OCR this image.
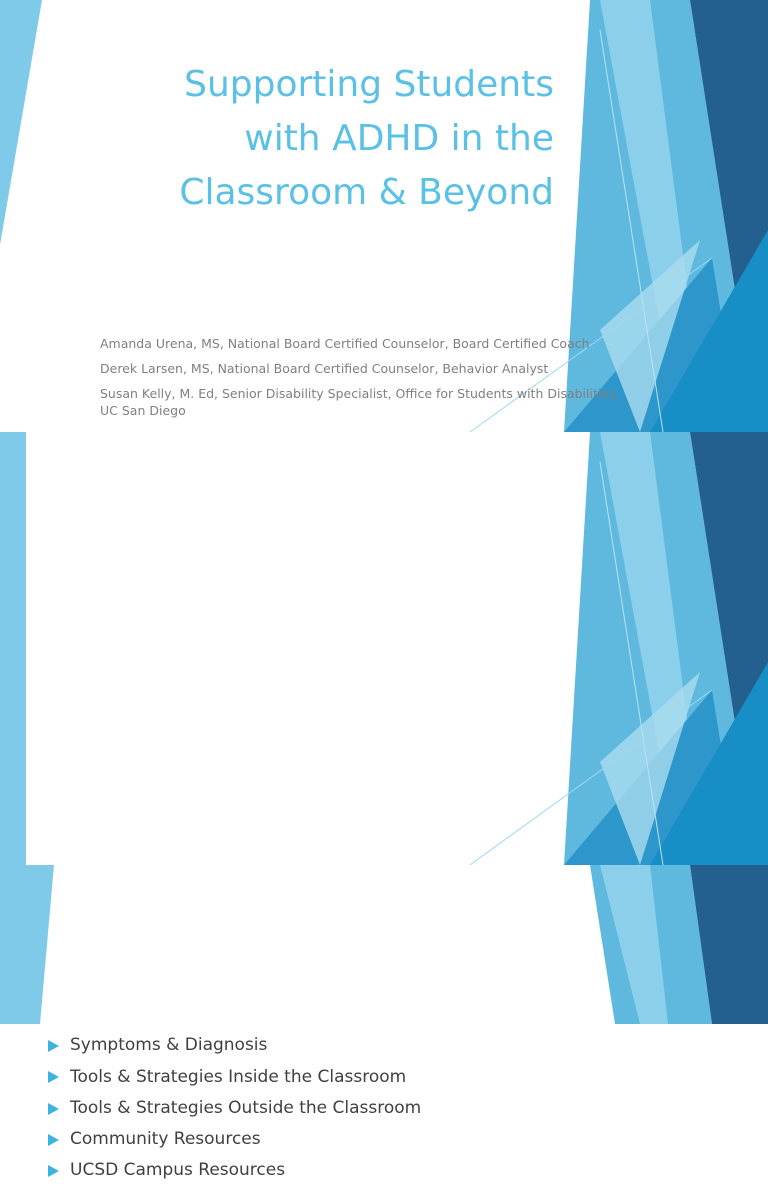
Supporting Students
with ADHD in the
Classroom & Beyond
Amanda Urena, MS, National Board Certified Counselor, Board Certified Coach
Derek Larsen, MS, National Board Certified Counselor, Behavior Analyst
Susan Kelly, M. Ed, Senior Disability Specialist, Office for Students with Disabilities, UC San Diego
Symptoms & Diagnosis
Tools & Strategies Inside the Classroom
Tools & Strategies Outside the Classroom
Community Resources
UCSD Campus Resources
